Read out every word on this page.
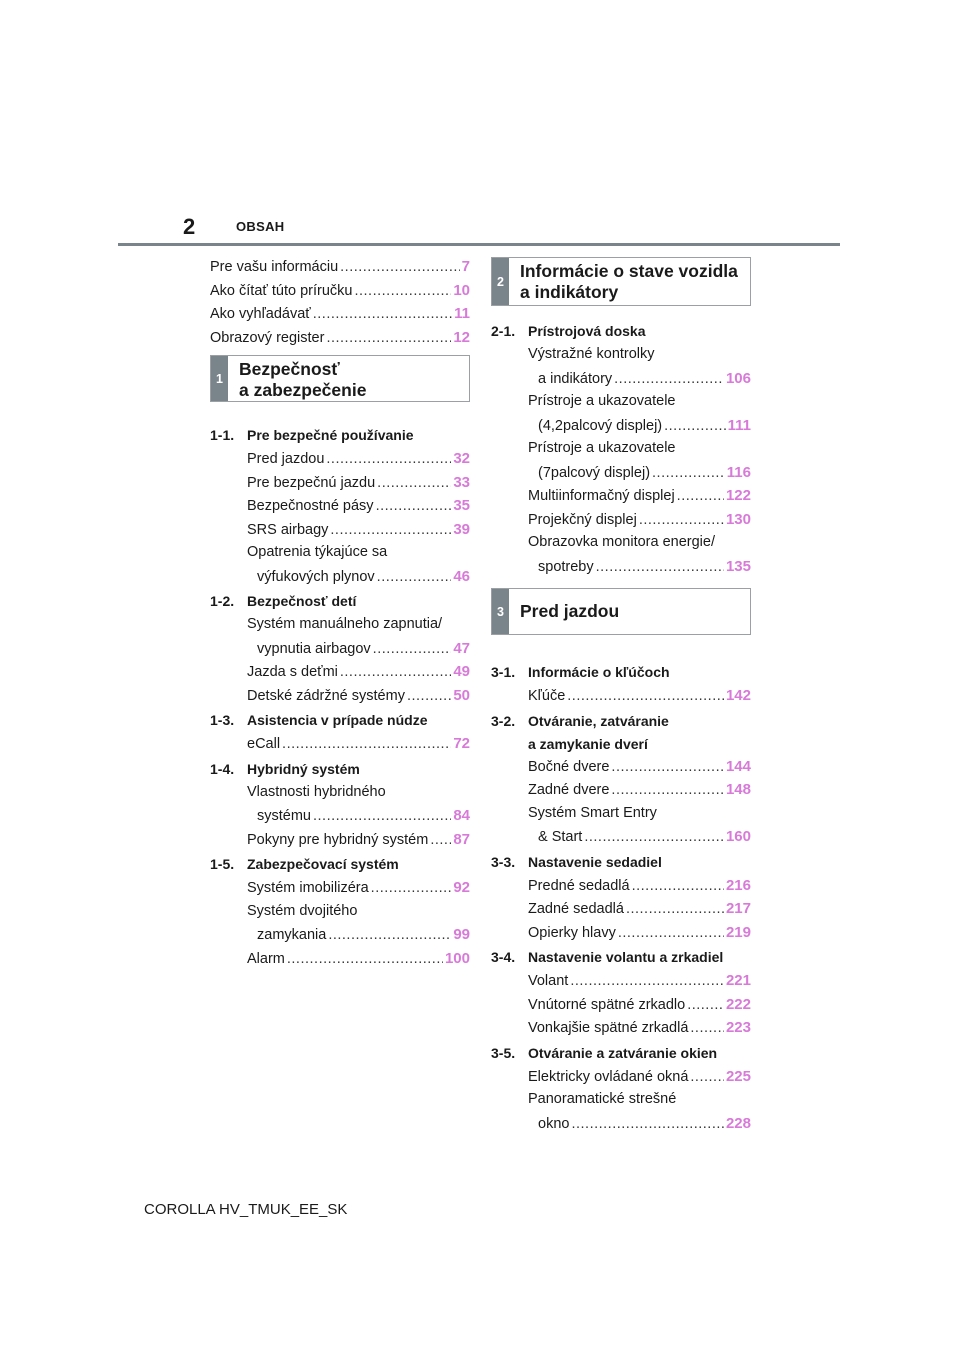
2	OBSAH
Pre vašu informáciu .....	7
Ako čítať túto príručku .....	10
Ako vyhľadávať .....	11
Obrazový register .....	12
1 Bezpečnosť
a zabezpečenie
1-1. Pre bezpečné používanie
Pred jazdou .....	32
Pre bezpečnú jazdu .....	33
Bezpečnostné pásy .....	35
SRS airbagy .....	39
Opatrenia týkajúce sa
výfukových plynov .....	46
1-2. Bezpečnosť detí
Systém manuálneho zapnutia/
vypnutia airbagov .....	47
Jazda s deťmi .....	49
Detské zádržné systémy .....	50
1-3. Asistencia v prípade núdze
eCall .....	72
1-4. Hybridný systém
Vlastnosti hybridného
systému .....	84
Pokyny pre hybridný systém ..... 87
1-5. Zabezpečovací systém
Systém imobilizéra .....	92
Systém dvojitého
zamykania .....	99
Alarm .....	100
2
Informácie o stave vozidla
a indikátory
2-1. Prístrojová doska
Výstražné kontrolky
a indikátory .....	106
Prístroje a ukazovatele
(4,2palcový displej) .....	111
Prístroje a ukazovatele
(7palcový displej) .....	116
Multiinformačný displej .....	122
Projekčný displej .....	130
Obrazovka monitora energie/
spotreby .....	135
3 Pred jazdou
3-1. Informácie o kľúčoch
Kľúče .....	142
3-2. Otváranie, zatváranie
a zamykanie dverí
Bočné dvere .....	144
Zadné dvere .....	148
Systém Smart Entry
& Start .....	160
3-3. Nastavenie sedadiel
Predné sedadlá .....	216
Zadné sedadlá .....	217
Opierky hlavy .....	219
3-4. Nastavenie volantu a zrkadiel
Volant .....	221
Vnútorné spätné zrkadlo .....	222
Vonkajšie spätné zrkadlá .....	223
3-5. Otváranie a zatváranie okien
Elektricky ovládané okná .....	225
Panoramatické strešné
okno .....	228
COROLLA HV_TMUK_EE_SK
